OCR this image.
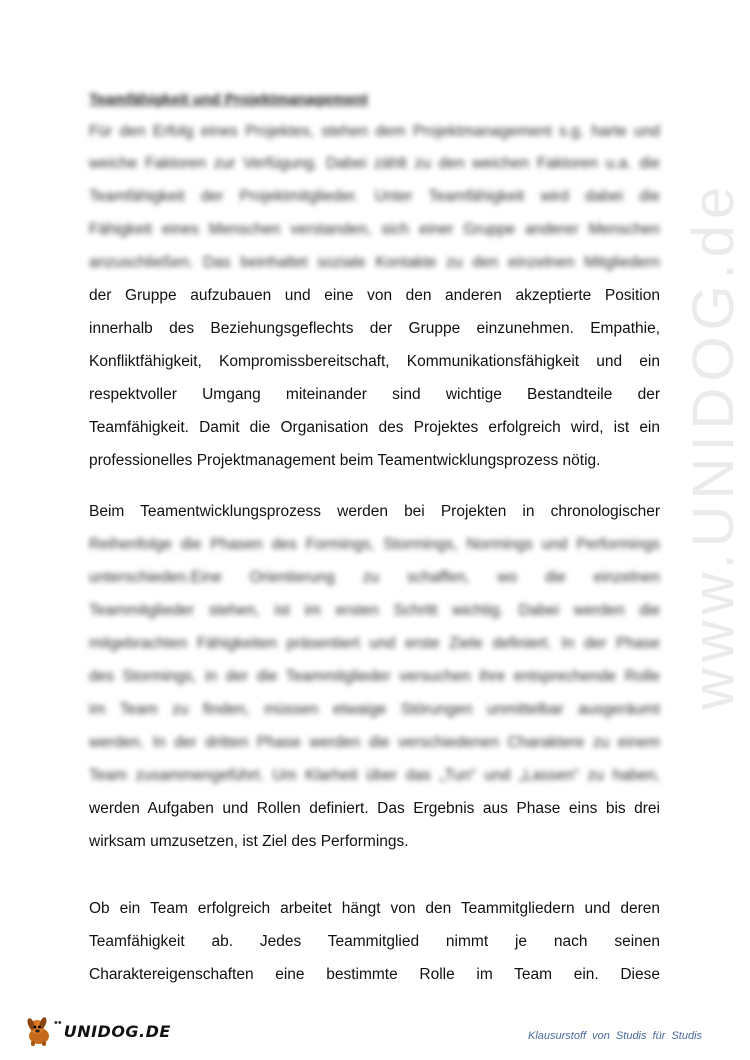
www.UNIDOG.de
Teamfähigkeit und Projektmanagement
Für den Erfolg eines Projektes, stehen dem Projektmanagement s.g. harte und
weiche Faktoren zur Verfügung. Dabei zählt zu den weichen Faktoren u.a. die
Teamfähigkeit der Projektmitglieder. Unter Teamfähigkeit wird dabei die
Fähigkeit eines Menschen verstanden, sich einer Gruppe anderer Menschen
anzuschließen. Das beinhaltet soziale Kontakte zu den einzelnen Mitgliedern
der Gruppe aufzubauen und eine von den anderen akzeptierte Position
innerhalb des Beziehungsgeflechts der Gruppe einzunehmen. Empathie,
Konfliktfähigkeit, Kompromissbereitschaft, Kommunikationsfähigkeit und ein
respektvoller Umgang miteinander sind wichtige Bestandteile der
Teamfähigkeit. Damit die Organisation des Projektes erfolgreich wird, ist ein
professionelles Projektmanagement beim Teamentwicklungsprozess nötig.
Beim Teamentwicklungsprozess werden bei Projekten in chronologischer
Reihenfolge die Phasen des Formings, Stormings, Normings und Performings
unterschieden.Eine Orientierung zu schaffen, wo die einzelnen
Teammitglieder stehen, ist im ersten Schritt wichtig. Dabei werden die
mitgebrachten Fähigkeiten präsentiert und erste Ziele definiert. In der Phase
des Stormings, in der die Teammitglieder versuchen ihre entsprechende Rolle
im Team zu finden, müssen etwaige Störungen unmittelbar ausgeräumt
werden. In der dritten Phase werden die verschiedenen Charaktere zu einem
Team zusammengeführt. Um Klarheit über das „Tun“ und „Lassen“ zu haben,
werden Aufgaben und Rollen definiert. Das Ergebnis aus Phase eins bis drei
wirksam umzusetzen, ist Ziel des Performings.
Ob ein Team erfolgreich arbeitet hängt von den Teammitgliedern und deren
Teamfähigkeit ab. Jedes Teammitglied nimmt je nach seinen
Charaktereigenschaften eine bestimmte Rolle im Team ein. Diese
•• UNIDOG.DE	Klausurstoff von Studis für Studis
